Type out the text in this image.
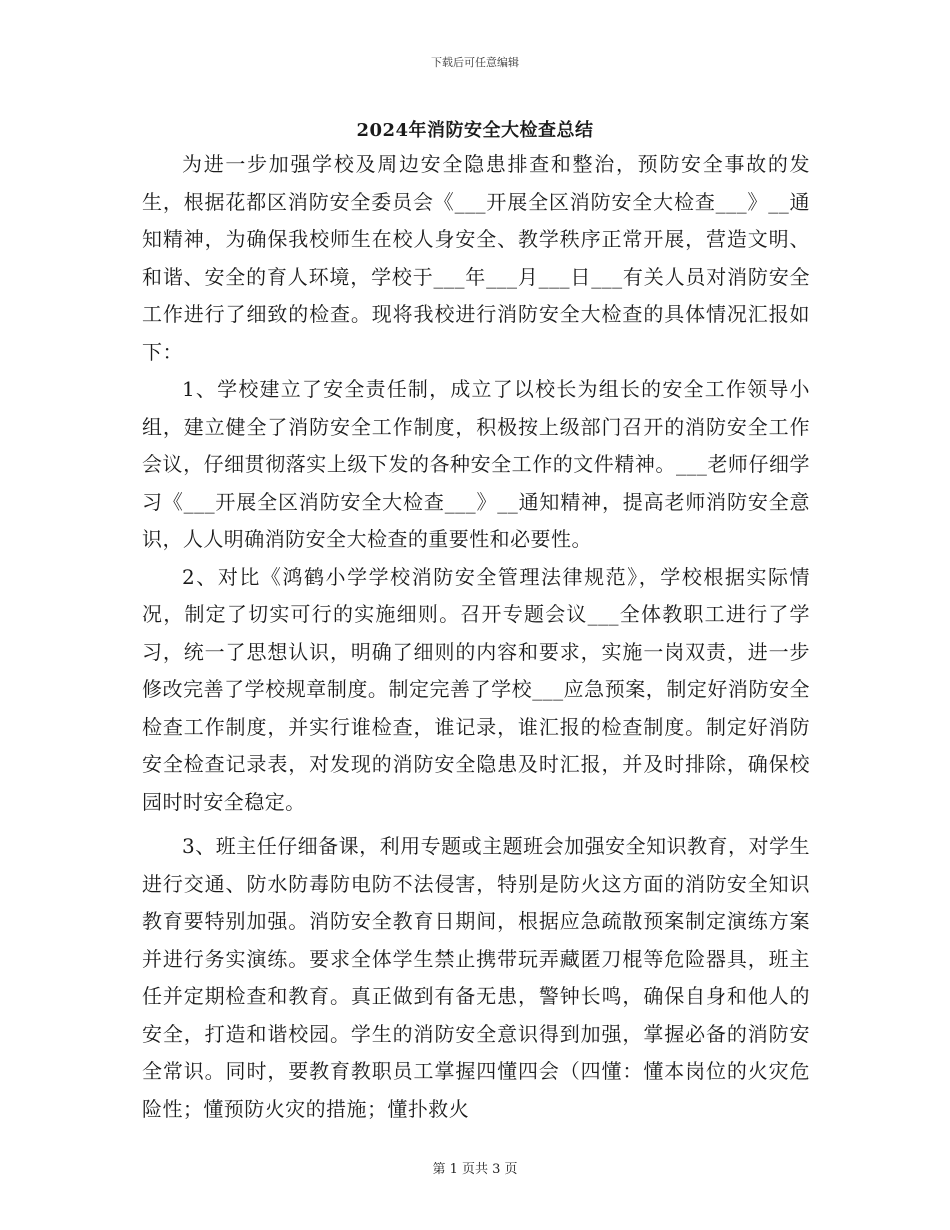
下载后可任意编辑
2024年消防安全大检查总结

为进一步加强学校及周边安全隐患排查和整治，预防安全事故的发生，根据花都区消防安全委员会《___开展全区消防安全大检查___》__通知精神，为确保我校师生在校人身安全、教学秩序正常开展，营造文明、和谐、安全的育人环境，学校于___年___月___日___有关人员对消防安全工作进行了细致的检查。现将我校进行消防安全大检查的具体情况汇报如下：

1、学校建立了安全责任制，成立了以校长为组长的安全工作领导小组，建立健全了消防安全工作制度，积极按上级部门召开的消防安全工作会议，仔细贯彻落实上级下发的各种安全工作的文件精神。___老师仔细学习《___开展全区消防安全大检查___》__通知精神，提高老师消防安全意识，人人明确消防安全大检查的重要性和必要性。

2、对比《鸿鹤小学学校消防安全管理法律规范》，学校根据实际情况，制定了切实可行的实施细则。召开专题会议___全体教职工进行了学习，统一了思想认识，明确了细则的内容和要求，实施一岗双责，进一步修改完善了学校规章制度。制定完善了学校___应急预案，制定好消防安全检查工作制度，并实行谁检查，谁记录，谁汇报的检查制度。制定好消防安全检查记录表，对发现的消防安全隐患及时汇报，并及时排除，确保校园时时安全稳定。

3、班主任仔细备课，利用专题或主题班会加强安全知识教育，对学生进行交通、防水防毒防电防不法侵害，特别是防火这方面的消防安全知识教育要特别加强。消防安全教育日期间，根据应急疏散预案制定演练方案并进行务实演练。要求全体学生禁止携带玩弄藏匿刀棍等危险器具，班主任并定期检查和教育。真正做到有备无患，警钟长鸣，确保自身和他人的安全，打造和谐校园。学生的消防安全意识得到加强，掌握必备的消防安全常识。同时，要教育教职员工掌握四懂四会（四懂：懂本岗位的火灾危险性；懂预防火灾的措施；懂扑救火

第 1 页共 3 页
